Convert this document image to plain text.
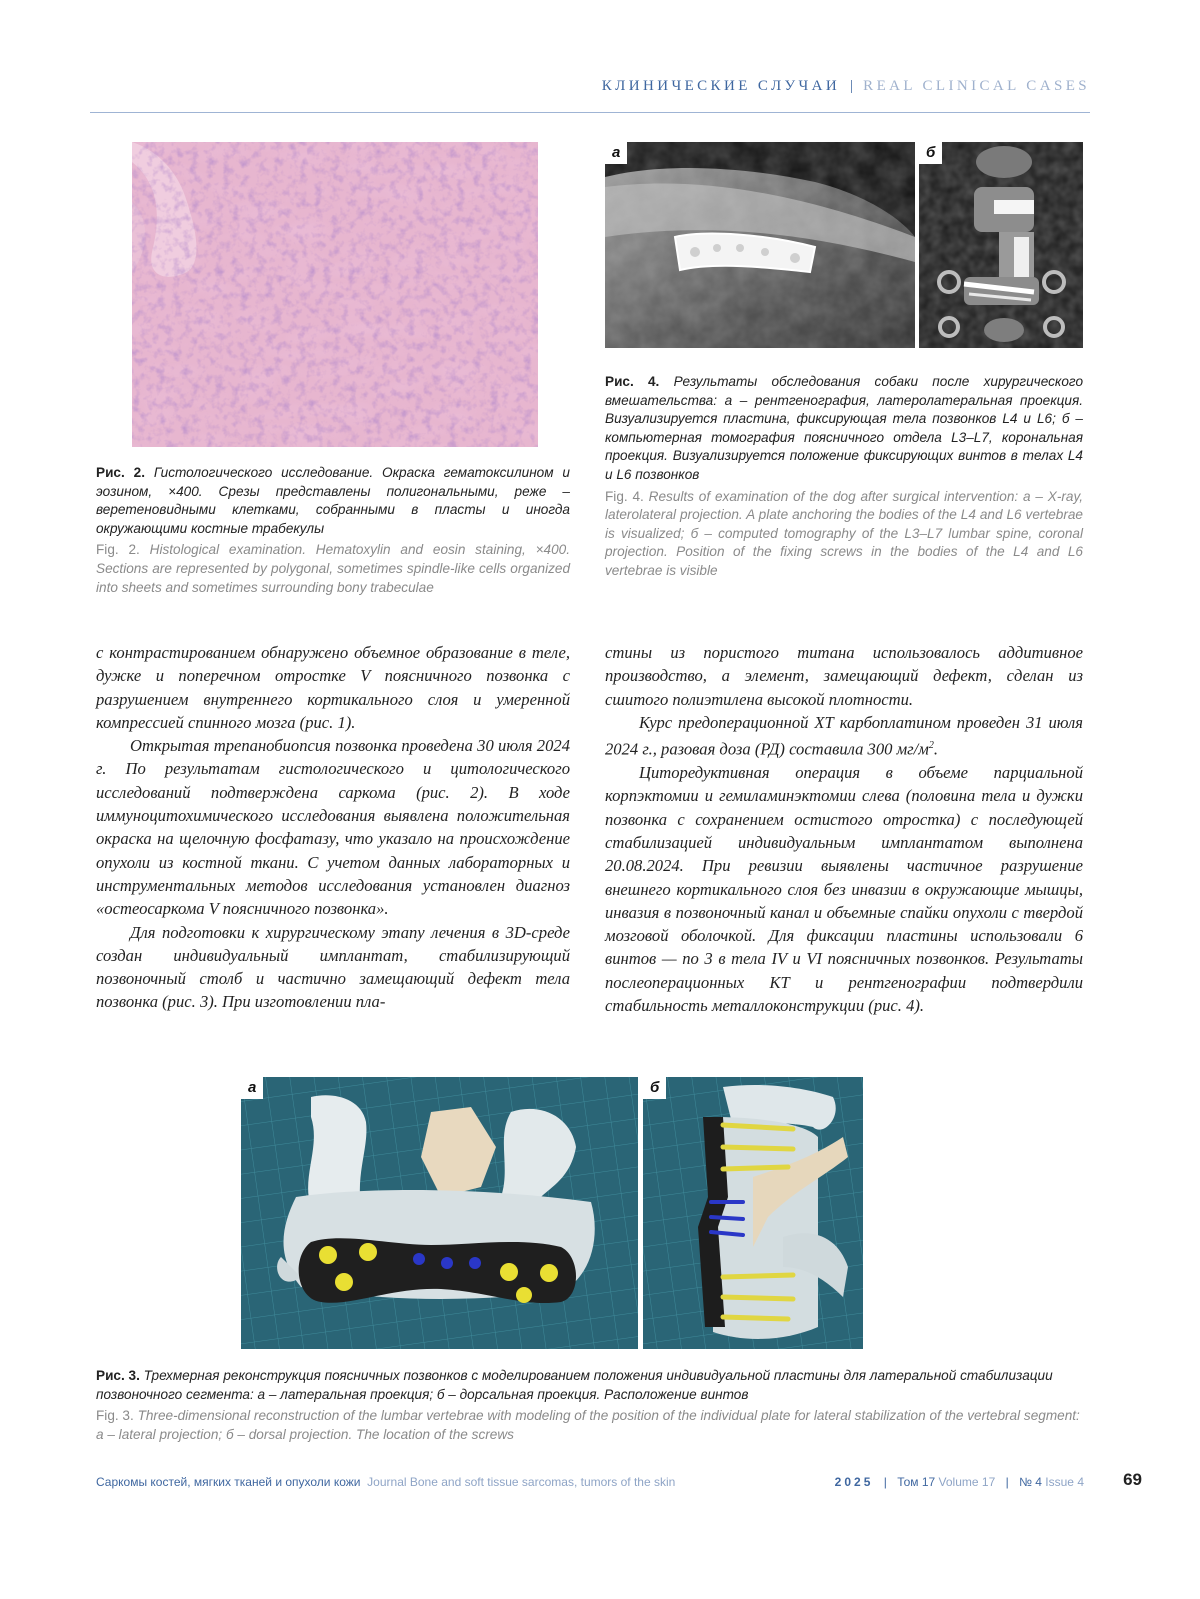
КЛИНИЧЕСКИЕ СЛУЧАИ | REAL CLINICAL CASES
а	б
Рис. 4. Результаты обследования собаки после хирургического вмешательства: а – рентгенография, латеролатеральная проекция. Визуализируется пластина, фиксирующая тела позвонков L4 и L6; б – компьютерная томография поясничного отдела L3–L7, корональная проекция. Визуализируется положение фиксирующих винтов в телах L4 и L6 позвонков
Fig. 4. Results of examination of the dog after surgical intervention: a – X-ray, laterolateral projection. A plate anchoring the bodies of the L4 and L6 vertebrae is visualized; б – computed tomography of the L3–L7 lumbar spine, coronal projection. Position of the fixing screws in the bodies of the L4 and L6 vertebrae is visible
Рис. 2. Гистологического исследование. Окраска гематоксилином и эозином, ×400. Срезы представлены полигональными, реже – веретеновидными клетками, собранными в пласты и иногда окружающими костные трабекулы
Fig. 2. Histological examination. Hematoxylin and eosin staining, ×400. Sections are represented by polygonal, sometimes spindle-like cells organized into sheets and sometimes surrounding bony trabeculae

с контрастированием обнаружено объемное образование в теле, дужке и поперечном отростке V поясничного позвонка с разрушением внутреннего кортикального слоя и умеренной компрессией спинного мозга (рис. 1).

Открытая трепанобиопсия позвонка проведена 30 июля 2024 г. По результатам гистологического и цитологического исследований подтверждена саркома (рис. 2). В ходе иммуноцитохимического исследования выявлена положительная окраска на щелочную фосфатазу, что указало на происхождение опухоли из костной ткани. С учетом данных лабораторных и инструментальных методов исследования установлен диагноз «остеосаркома V поясничного позвонка».

Для подготовки к хирургическому этапу лечения в 3D-среде создан индивидуальный имплантат, стабилизирующий позвоночный столб и частично замещающий дефект тела позвонка (рис. 3). При изготовлении пла-

стины из пористого титана использовалось аддитивное производство, а элемент, замещающий дефект, сделан из сшитого полиэтилена высокой плотности.

Курс предоперационной ХТ карбоплатином проведен 31 июля 2024 г., разовая доза (РД) составила 300 $мг/м^2$.

Циторедуктивная операция в объеме парциальной корпэктомии и гемиламинэктомии слева (половина тела и дужки позвонка с сохранением остистого отростка) с последующей стабилизацией индивидуальным имплантатом выполнена 20.08.2024. При ревизии выявлены частичное разрушение внешнего кортикального слоя без инвазии в окружающие мышцы, инвазия в позвоночный канал и объемные спайки опухоли с твердой мозговой оболочкой. Для фиксации пластины использовали 6 винтов — по 3 в тела IV и VI поясничных позвонков. Результаты послеоперационных КТ и рентгенографии подтвердили стабильность металлоконструкции (рис. 4).

а	б
Рис. 3. Трехмерная реконструкция поясничных позвонков с моделированием положения индивидуальной пластины для латеральной стабилизации позвоночного сегмента: а – латеральная проекция; б – дорсальная проекция. Расположение винтов
Fig. 3. Three-dimensional reconstruction of the lumbar vertebrae with modeling of the position of the individual plate for lateral stabilization of the vertebral segment: a – lateral projection; б – dorsal projection. The location of the screws
Саркомы костей, мягких тканей и опухоли кожи Journal Bone and soft tissue sarcomas, tumors of the skin	2025 | Том 17 Volume 17 | № 4 Issue 4	69
